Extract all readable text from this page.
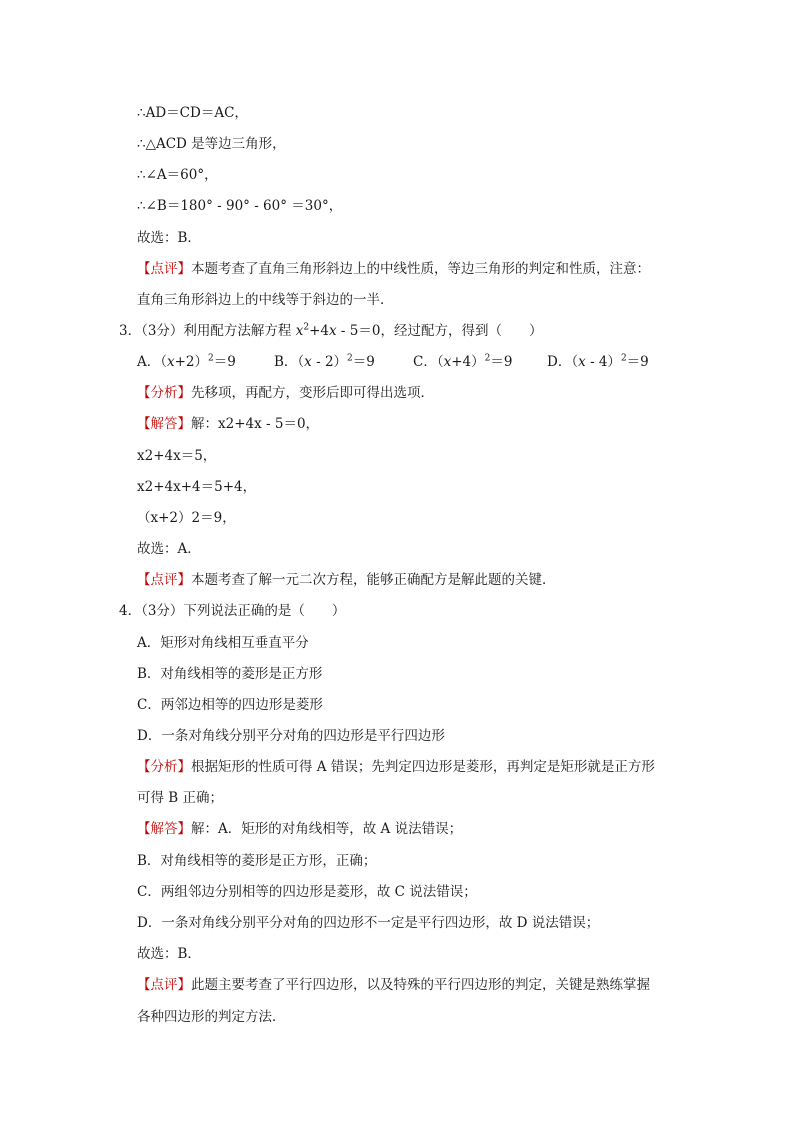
∴AD＝CD＝AC，
∴△ACD 是等边三角形，
∴∠A＝60°，
∴∠B＝180° - 90° - 60° ＝30°，
故选：B．
【点评】本题考查了直角三角形斜边上的中线性质，等边三角形的判定和性质，注意：
直角三角形斜边上的中线等于斜边的一半．
3．（3分）利用配方法解方程 $x^2+4x - 5=0$，经过配方，得到（　　）
A．$(x+2)^2=9$	B．（x - 2）$^2$＝9	C．$(x+4)^2=9$	D．（x - 4）$^2$＝9
【分析】先移项，再配方，变形后即可得出选项．
【解答】解：x2+4x - 5＝0，
x2+4x＝5，
x2+4x+4＝5+4，
（x+2）2＝9，
故选：A．
【点评】本题考查了解一元二次方程，能够正确配方是解此题的关键．
4．（3分）下列说法正确的是（　　）
A．矩形对角线相互垂直平分
B．对角线相等的菱形是正方形
C．两邻边相等的四边形是菱形
D．一条对角线分别平分对角的四边形是平行四边形
【分析】根据矩形的性质可得 A 错误；先判定四边形是菱形，再判定是矩形就是正方形
可得 B 正确；
【解答】解：A．矩形的对角线相等，故 A 说法错误；
B．对角线相等的菱形是正方形，正确；
C．两组邻边分别相等的四边形是菱形，故 C 说法错误；
D．一条对角线分别平分对角的四边形不一定是平行四边形，故 D 说法错误；
故选：B．
【点评】此题主要考查了平行四边形，以及特殊的平行四边形的判定，关键是熟练掌握
各种四边形的判定方法．
